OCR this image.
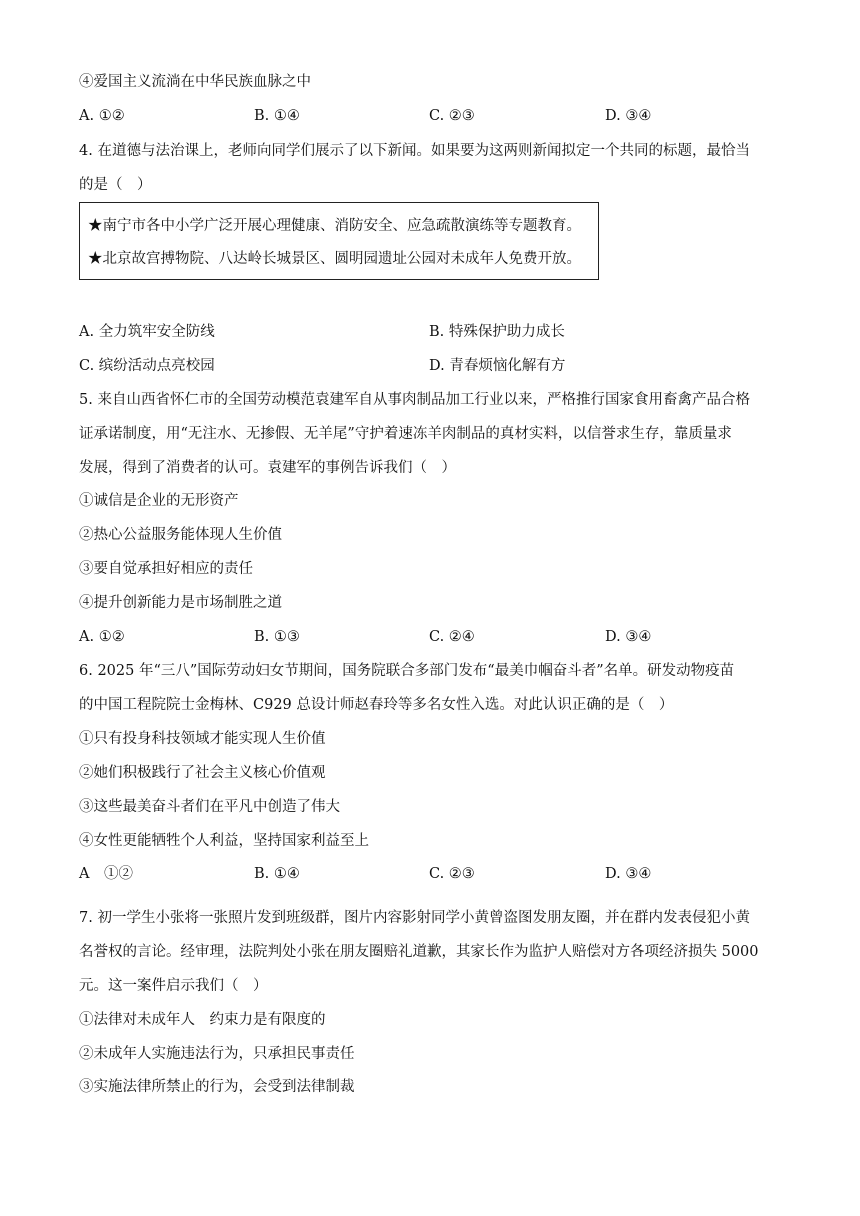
④爱国主义流淌在中华民族血脉之中
A. ①②	B. ①④	C. ②③	D. ③④
4. 在道德与法治课上，老师向同学们展示了以下新闻。如果要为这两则新闻拟定一个共同的标题，最恰当
的是（　）
★南宁市各中小学广泛开展心理健康、消防安全、应急疏散演练等专题教育。
★北京故宫搏物院、八达岭长城景区、圆明园遗址公园对未成年人免费开放。
A. 全力筑牢安全防线	B. 特殊保护助力成长
C. 缤纷活动点亮校园	D. 青春烦恼化解有方
5. 来自山西省怀仁市的全国劳动模范袁建军自从事肉制品加工行业以来，严格推行国家食用畜禽产品合格
证承诺制度，用“无注水、无掺假、无羊尾”守护着速冻羊肉制品的真材实料，以信誉求生存，靠质量求
发展，得到了消费者的认可。袁建军的事例告诉我们（　）
①诚信是企业的无形资产
②热心公益服务能体现人生价值
③要自觉承担好相应的责任
④提升创新能力是市场制胜之道
A. ①②	B. ①③	C. ②④	D. ③④
6. 2025 年“三八”国际劳动妇女节期间，国务院联合多部门发布“最美巾帼奋斗者”名单。研发动物疫苗
的中国工程院院士金梅林、C929 总设计师赵春玲等多名女性入选。对此认识正确的是（　）
①只有投身科技领域才能实现人生价值
②她们积极践行了社会主义核心价值观
③这些最美奋斗者们在平凡中创造了伟大
④女性更能牺牲个人利益，坚持国家利益至上
A　①②	B. ①④	C. ②③	D. ③④
7. 初一学生小张将一张照片发到班级群，图片内容影射同学小黄曾盗图发朋友圈，并在群内发表侵犯小黄
名誉权的言论。经审理，法院判处小张在朋友圈赔礼道歉，其家长作为监护人赔偿对方各项经济损失 5000
元。这一案件启示我们（　）
①法律对未成年人　约束力是有限度的
②未成年人实施违法行为，只承担民事责任
③实施法律所禁止的行为，会受到法律制裁
